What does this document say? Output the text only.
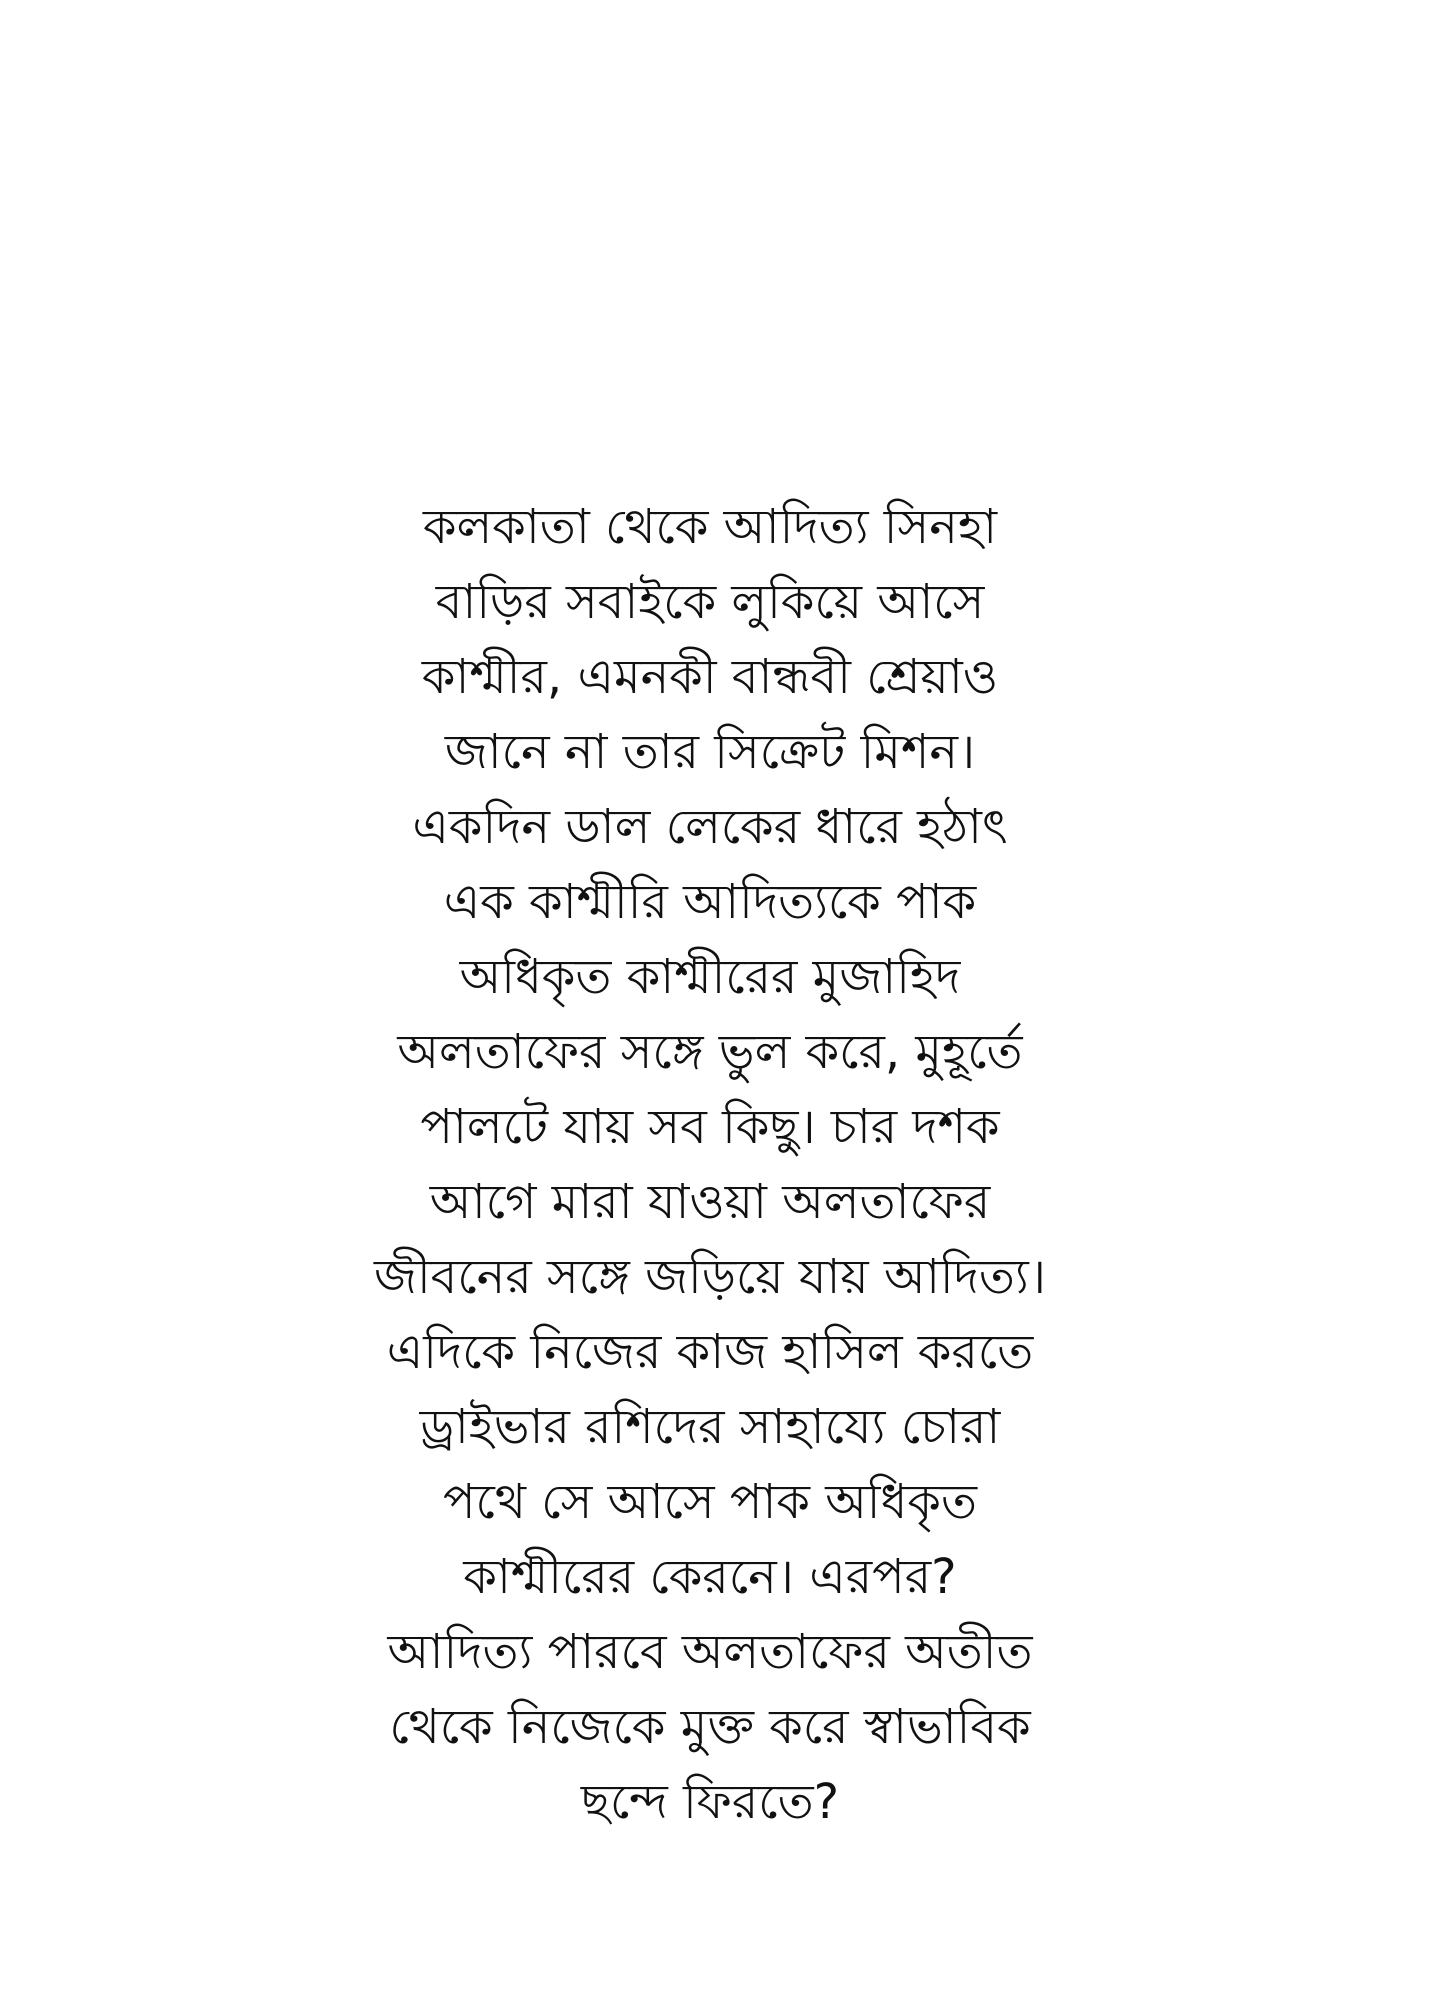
কলকাতা থেকে আদিত্য সিনহা
বাড়ির সবাইকে লুকিয়ে আসে
কাশ্মীর, এমনকী বান্ধবী শ্রেয়াও
জানে না তার সিক্রেট মিশন।
একদিন ডাল লেকের ধারে হঠাৎ
এক কাশ্মীরি আদিত্যকে পাক
অধিকৃত কাশ্মীরের মুজাহিদ
অলতাফের সঙ্গে ভুল করে, মুহূর্তে
পালটে যায় সব কিছু। চার দশক
আগে মারা যাওয়া অলতাফের
জীবনের সঙ্গে জড়িয়ে যায় আদিত্য।
এদিকে নিজের কাজ হাসিল করতে
ড্রাইভার রশিদের সাহায্যে চোরা
পথে সে আসে পাক অধিকৃত
কাশ্মীরের কেরনে। এরপর?
আদিত্য পারবে অলতাফের অতীত
থেকে নিজেকে মুক্ত করে স্বাভাবিক
ছন্দে ফিরতে?
